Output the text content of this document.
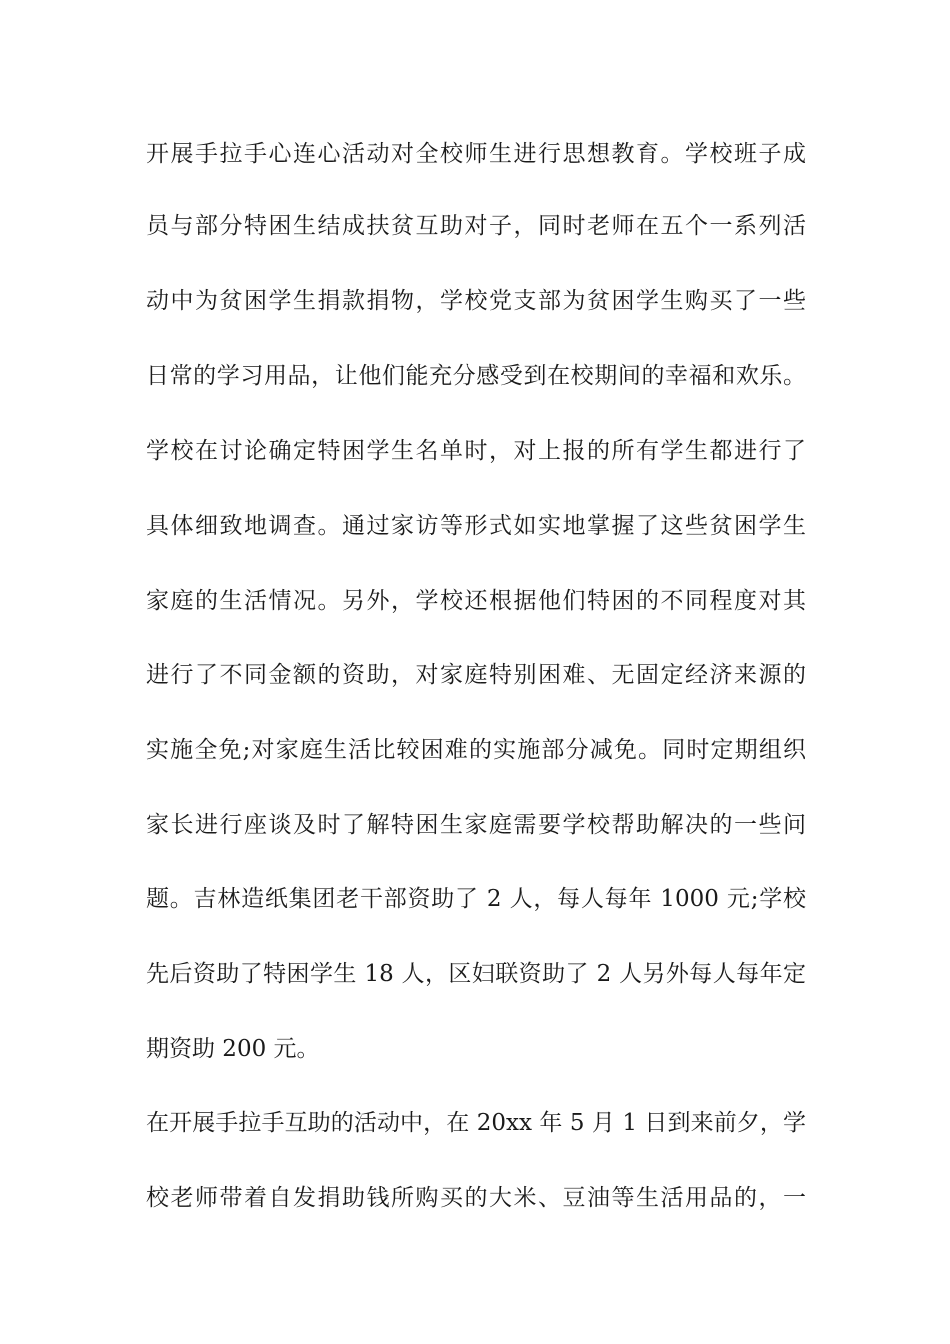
开展手拉手心连心活动对全校师生进行思想教育。学校班子成
员与部分特困生结成扶贫互助对子，同时老师在五个一系列活
动中为贫困学生捐款捐物，学校党支部为贫困学生购买了一些
日常的学习用品，让他们能充分感受到在校期间的幸福和欢乐。
学校在讨论确定特困学生名单时，对上报的所有学生都进行了
具体细致地调查。通过家访等形式如实地掌握了这些贫困学生
家庭的生活情况。另外，学校还根据他们特困的不同程度对其
进行了不同金额的资助，对家庭特别困难、无固定经济来源的
实施全免;对家庭生活比较困难的实施部分减免。同时定期组织
家长进行座谈及时了解特困生家庭需要学校帮助解决的一些问
题。吉林造纸集团老干部资助了 2 人，每人每年 1000 元;学校
先后资助了特困学生 18 人，区妇联资助了 2 人另外每人每年定
期资助 200 元。
在开展手拉手互助的活动中，在 20xx 年 5 月 1 日到来前夕，学
校老师带着自发捐助钱所购买的大米、豆油等生活用品的，一
